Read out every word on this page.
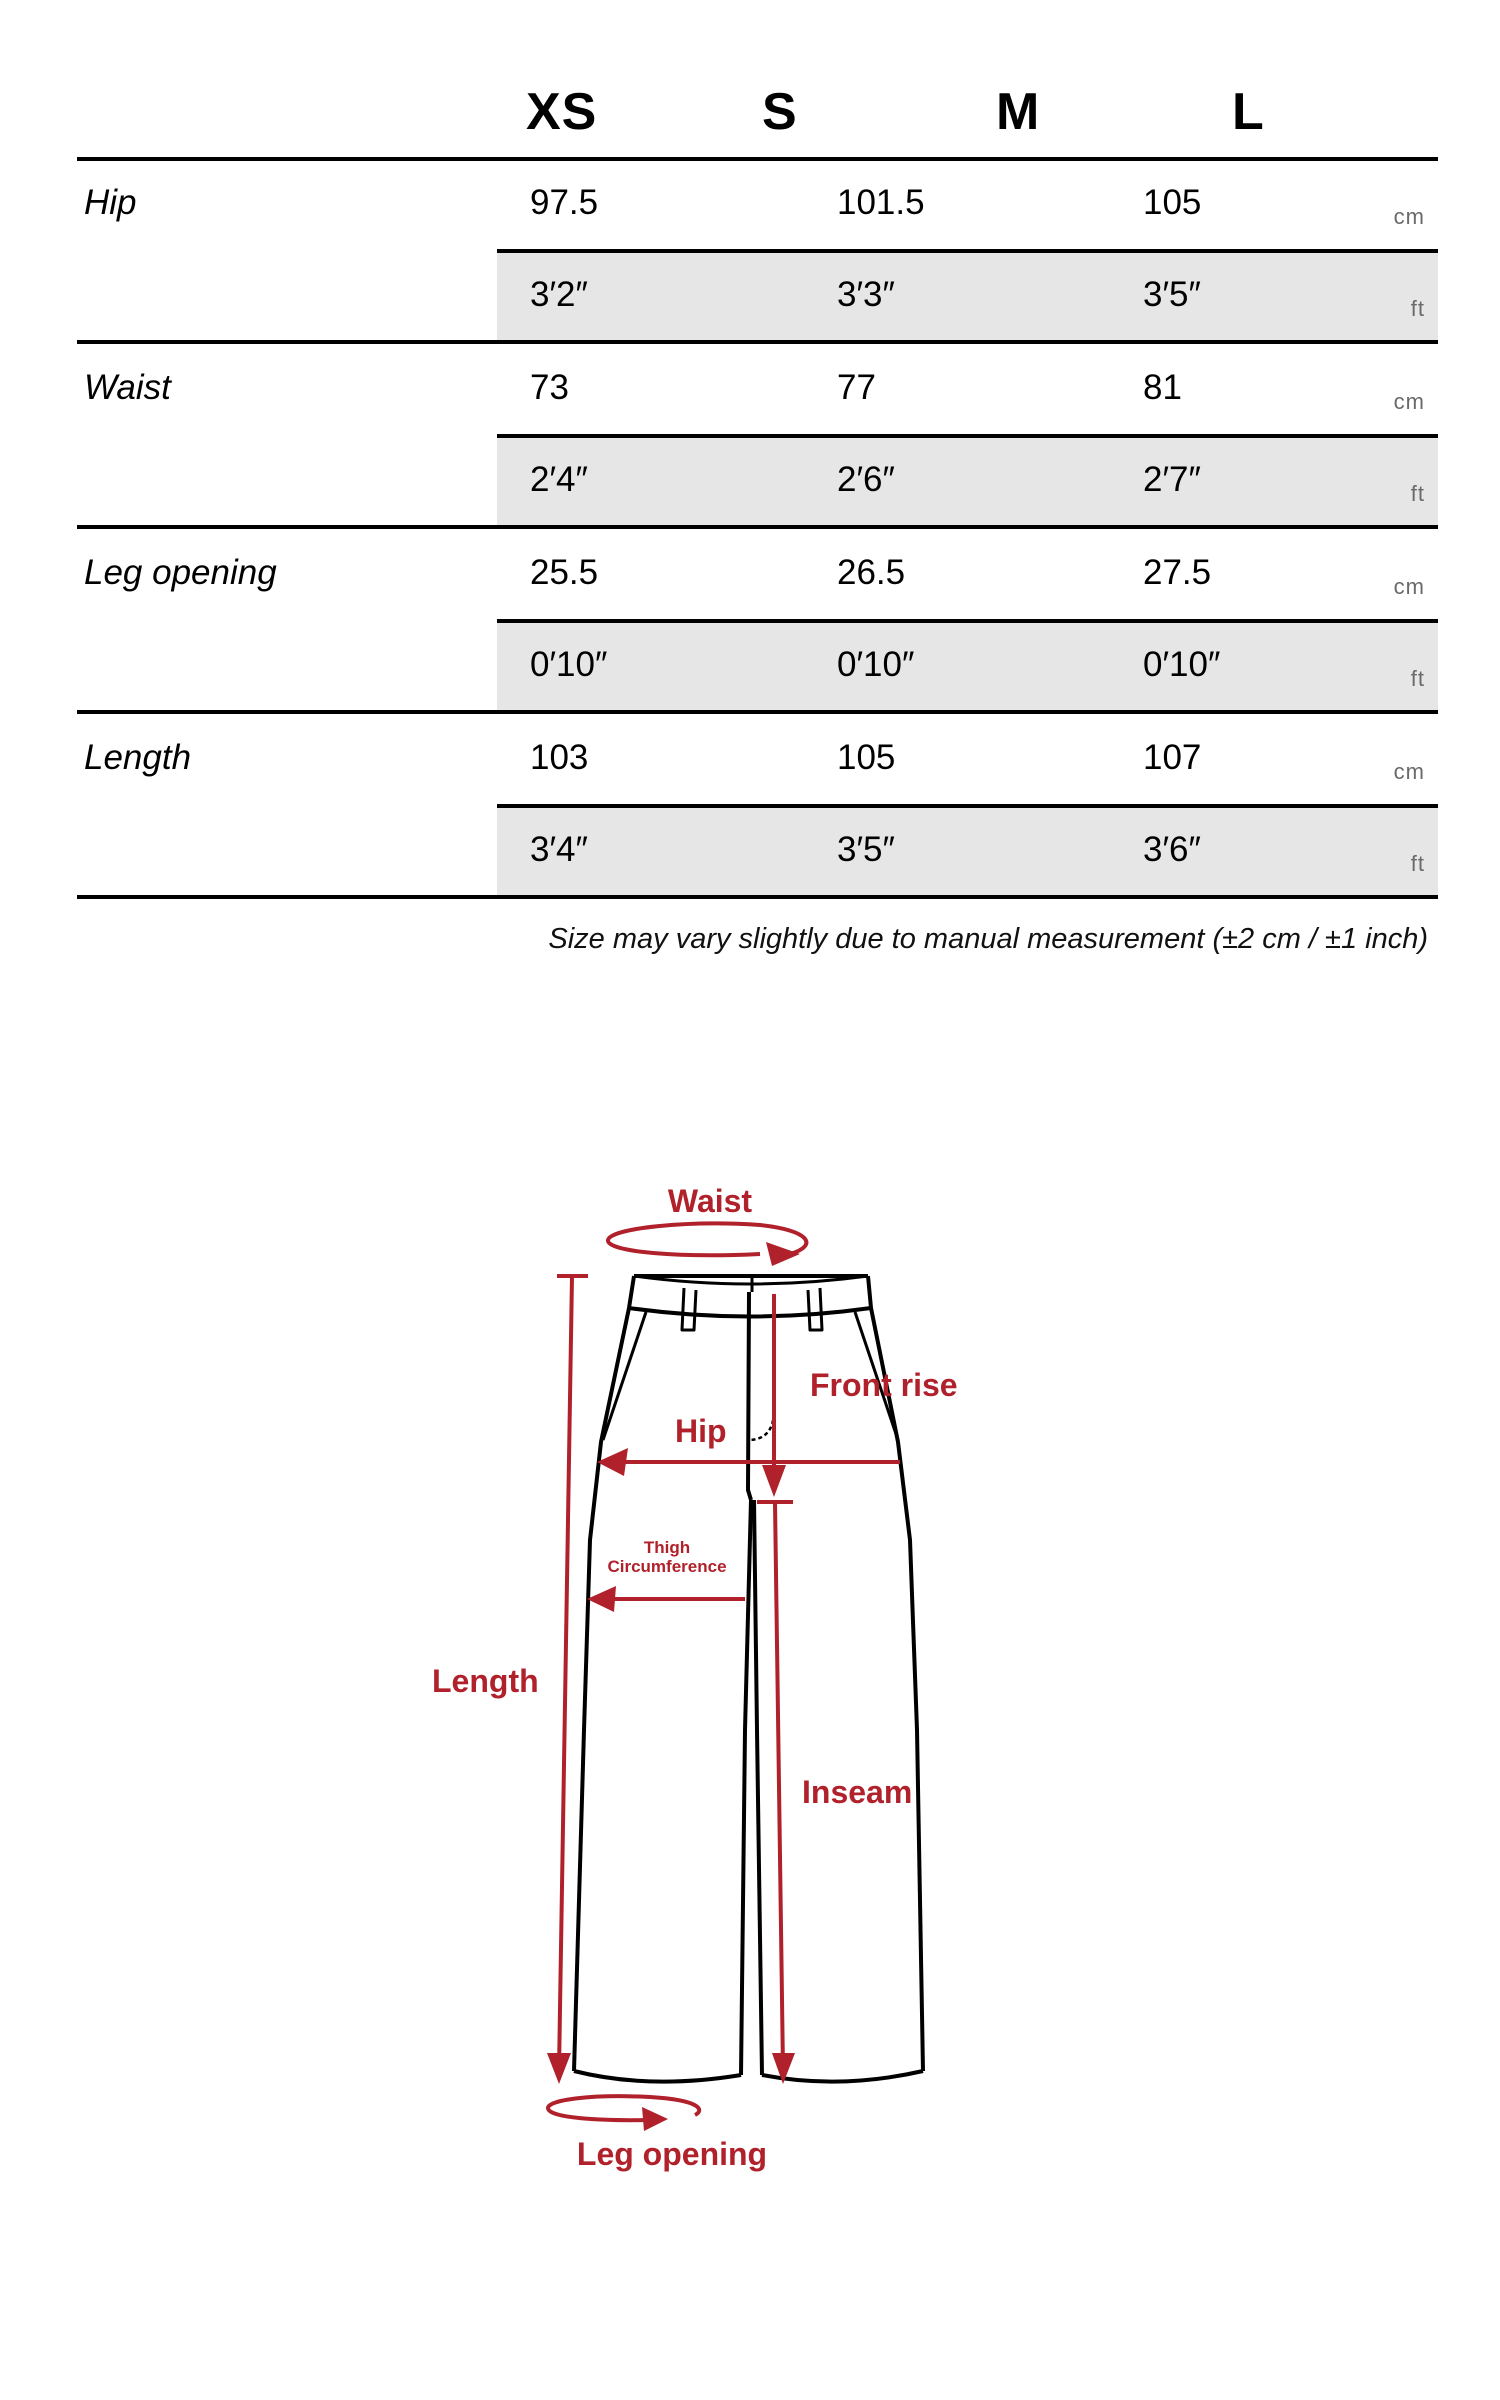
XS	S	M	L
Hip	97.5	101.5	105	cm
3′2″	3′3″	3′5″	ft
Waist	73	77	81	cm
2′4″	2′6″	2′7″	ft
Leg opening	25.5	26.5	27.5	cm
0′10″	0′10″	0′10″	ft
Length	103	105	107	cm
3′4″	3′5″	3′6″	ft
Size may vary slightly due to manual measurement (±2 cm / ±1 inch)
Waist
Front rise
Hip
Thigh
Circumference
Length
Inseam
Leg opening
